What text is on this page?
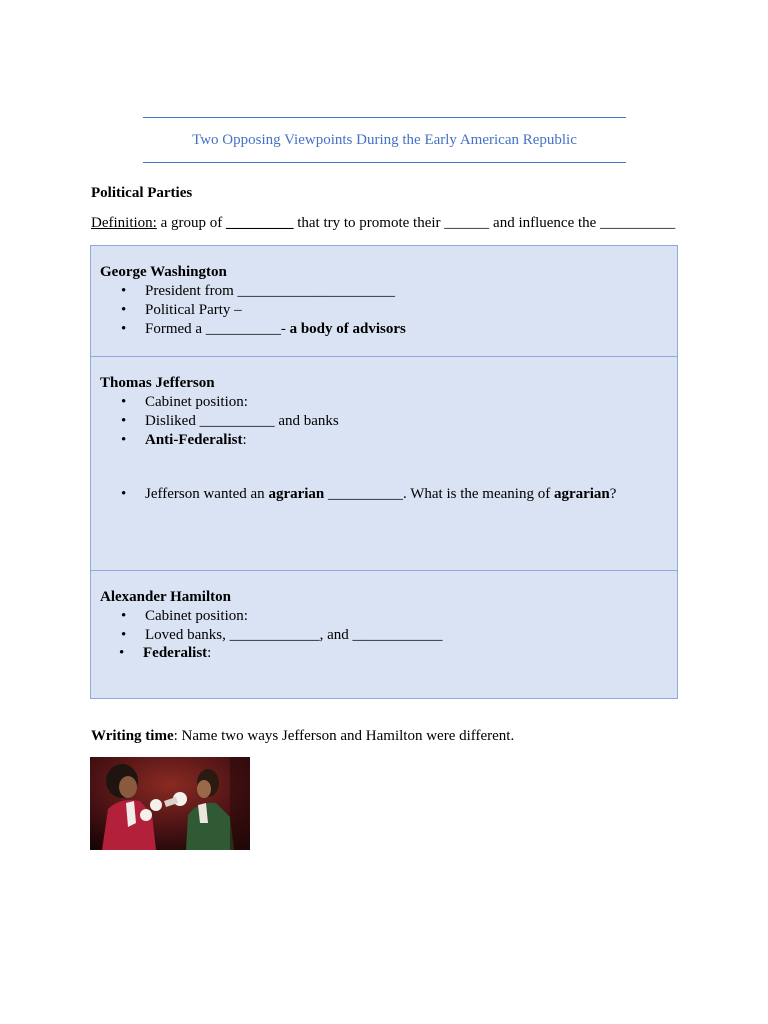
Two Opposing Viewpoints During the Early American Republic
Political Parties
Definition: a group of _________ that try to promote their ______ and influence the __________
George Washington
• President from _____________________
• Political Party –
• Formed a __________- a body of advisors
Thomas Jefferson
• Cabinet position:
• Disliked __________ and banks
• Anti-Federalist:
• Jefferson wanted an agrarian __________. What is the meaning of agrarian?
Alexander Hamilton
• Cabinet position:
• Loved banks, ____________, and ____________
• Federalist:
Writing time: Name two ways Jefferson and Hamilton were different.
